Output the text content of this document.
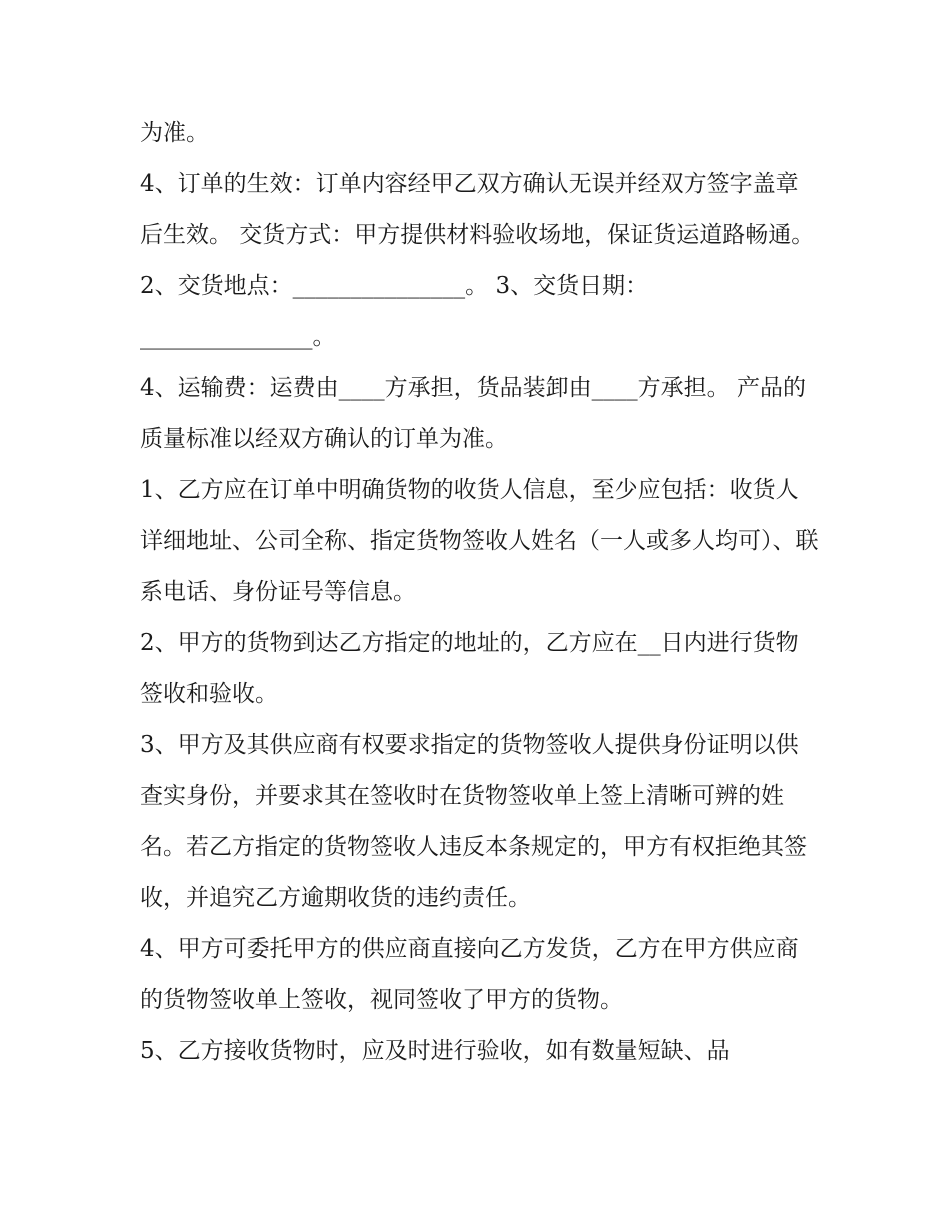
为准。

4、订单的生效：订单内容经甲乙双方确认无误并经双方签字盖章后生效。 交货方式：甲方提供材料验收场地，保证货运道路畅通。

2、交货地点：_______________。 3、交货日期：_______________。

4、运输费：运费由____方承担，货品装卸由____方承担。 产品的质量标准以经双方确认的订单为准。

1、乙方应在订单中明确货物的收货人信息，至少应包括：收货人详细地址、公司全称、指定货物签收人姓名（一人或多人均可）、联系电话、身份证号等信息。

2、甲方的货物到达乙方指定的地址的，乙方应在__日内进行货物签收和验收。

3、甲方及其供应商有权要求指定的货物签收人提供身份证明以供查实身份，并要求其在签收时在货物签收单上签上清晰可辨的姓名。若乙方指定的货物签收人违反本条规定的，甲方有权拒绝其签收，并追究乙方逾期收货的违约责任。

4、甲方可委托甲方的供应商直接向乙方发货，乙方在甲方供应商的货物签收单上签收，视同签收了甲方的货物。

5、乙方接收货物时，应及时进行验收，如有数量短缺、品
